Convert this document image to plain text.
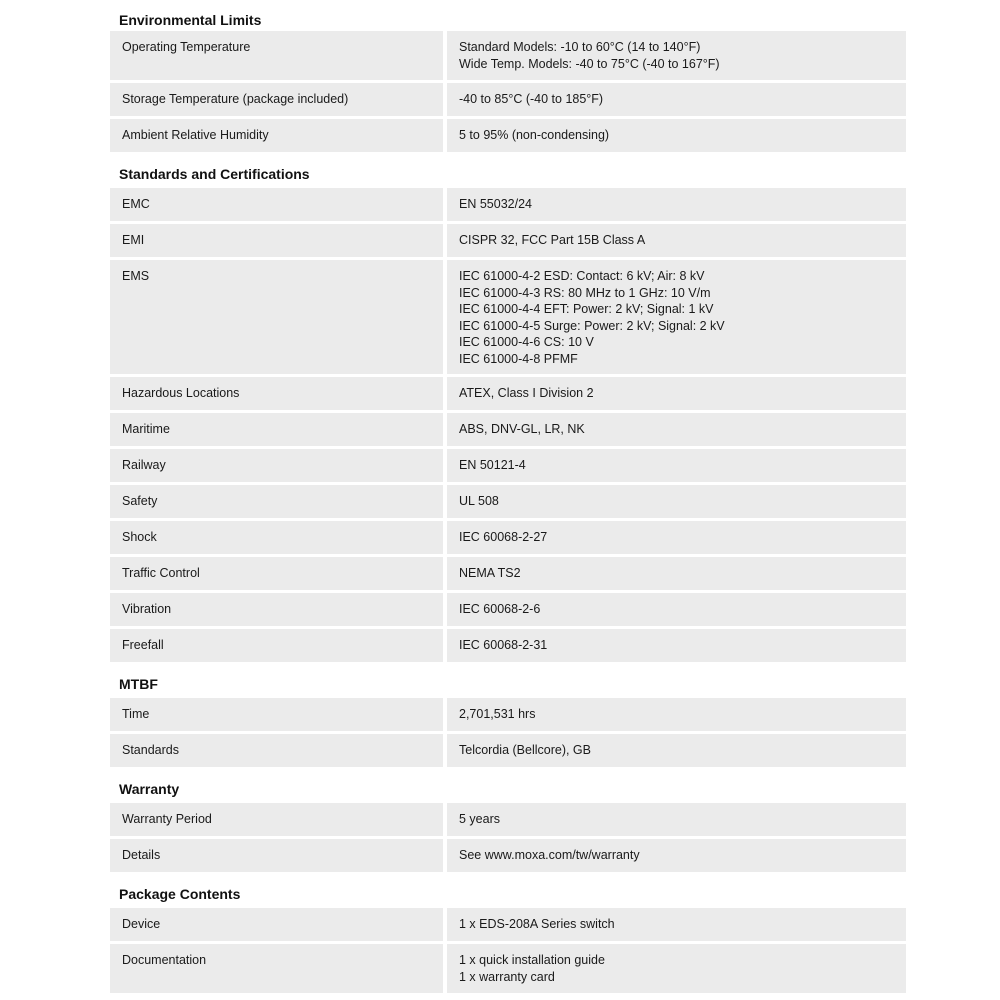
Environmental Limits
Operating Temperature	Standard Models: -10 to 60°C (14 to 140°F)
Wide Temp. Models: -40 to 75°C (-40 to 167°F)
Storage Temperature (package included)	-40 to 85°C (-40 to 185°F)
Ambient Relative Humidity	5 to 95% (non-condensing)
Standards and Certifications
EMC	EN 55032/24
EMI	CISPR 32, FCC Part 15B Class A
EMS	IEC 61000-4-2 ESD: Contact: 6 kV; Air: 8 kV
IEC 61000-4-3 RS: 80 MHz to 1 GHz: 10 V/m
IEC 61000-4-4 EFT: Power: 2 kV; Signal: 1 kV
IEC 61000-4-5 Surge: Power: 2 kV; Signal: 2 kV
IEC 61000-4-6 CS: 10 V
IEC 61000-4-8 PFMF
Hazardous Locations	ATEX, Class I Division 2
Maritime	ABS, DNV-GL, LR, NK
Railway	EN 50121-4
Safety	UL 508
Shock	IEC 60068-2-27
Traffic Control	NEMA TS2
Vibration	IEC 60068-2-6
Freefall	IEC 60068-2-31
MTBF
Time	2,701,531 hrs
Standards	Telcordia (Bellcore), GB
Warranty
Warranty Period	5 years
Details	See www.moxa.com/tw/warranty
Package Contents
Device	1 x EDS-208A Series switch
Documentation	1 x quick installation guide
1 x warranty card
